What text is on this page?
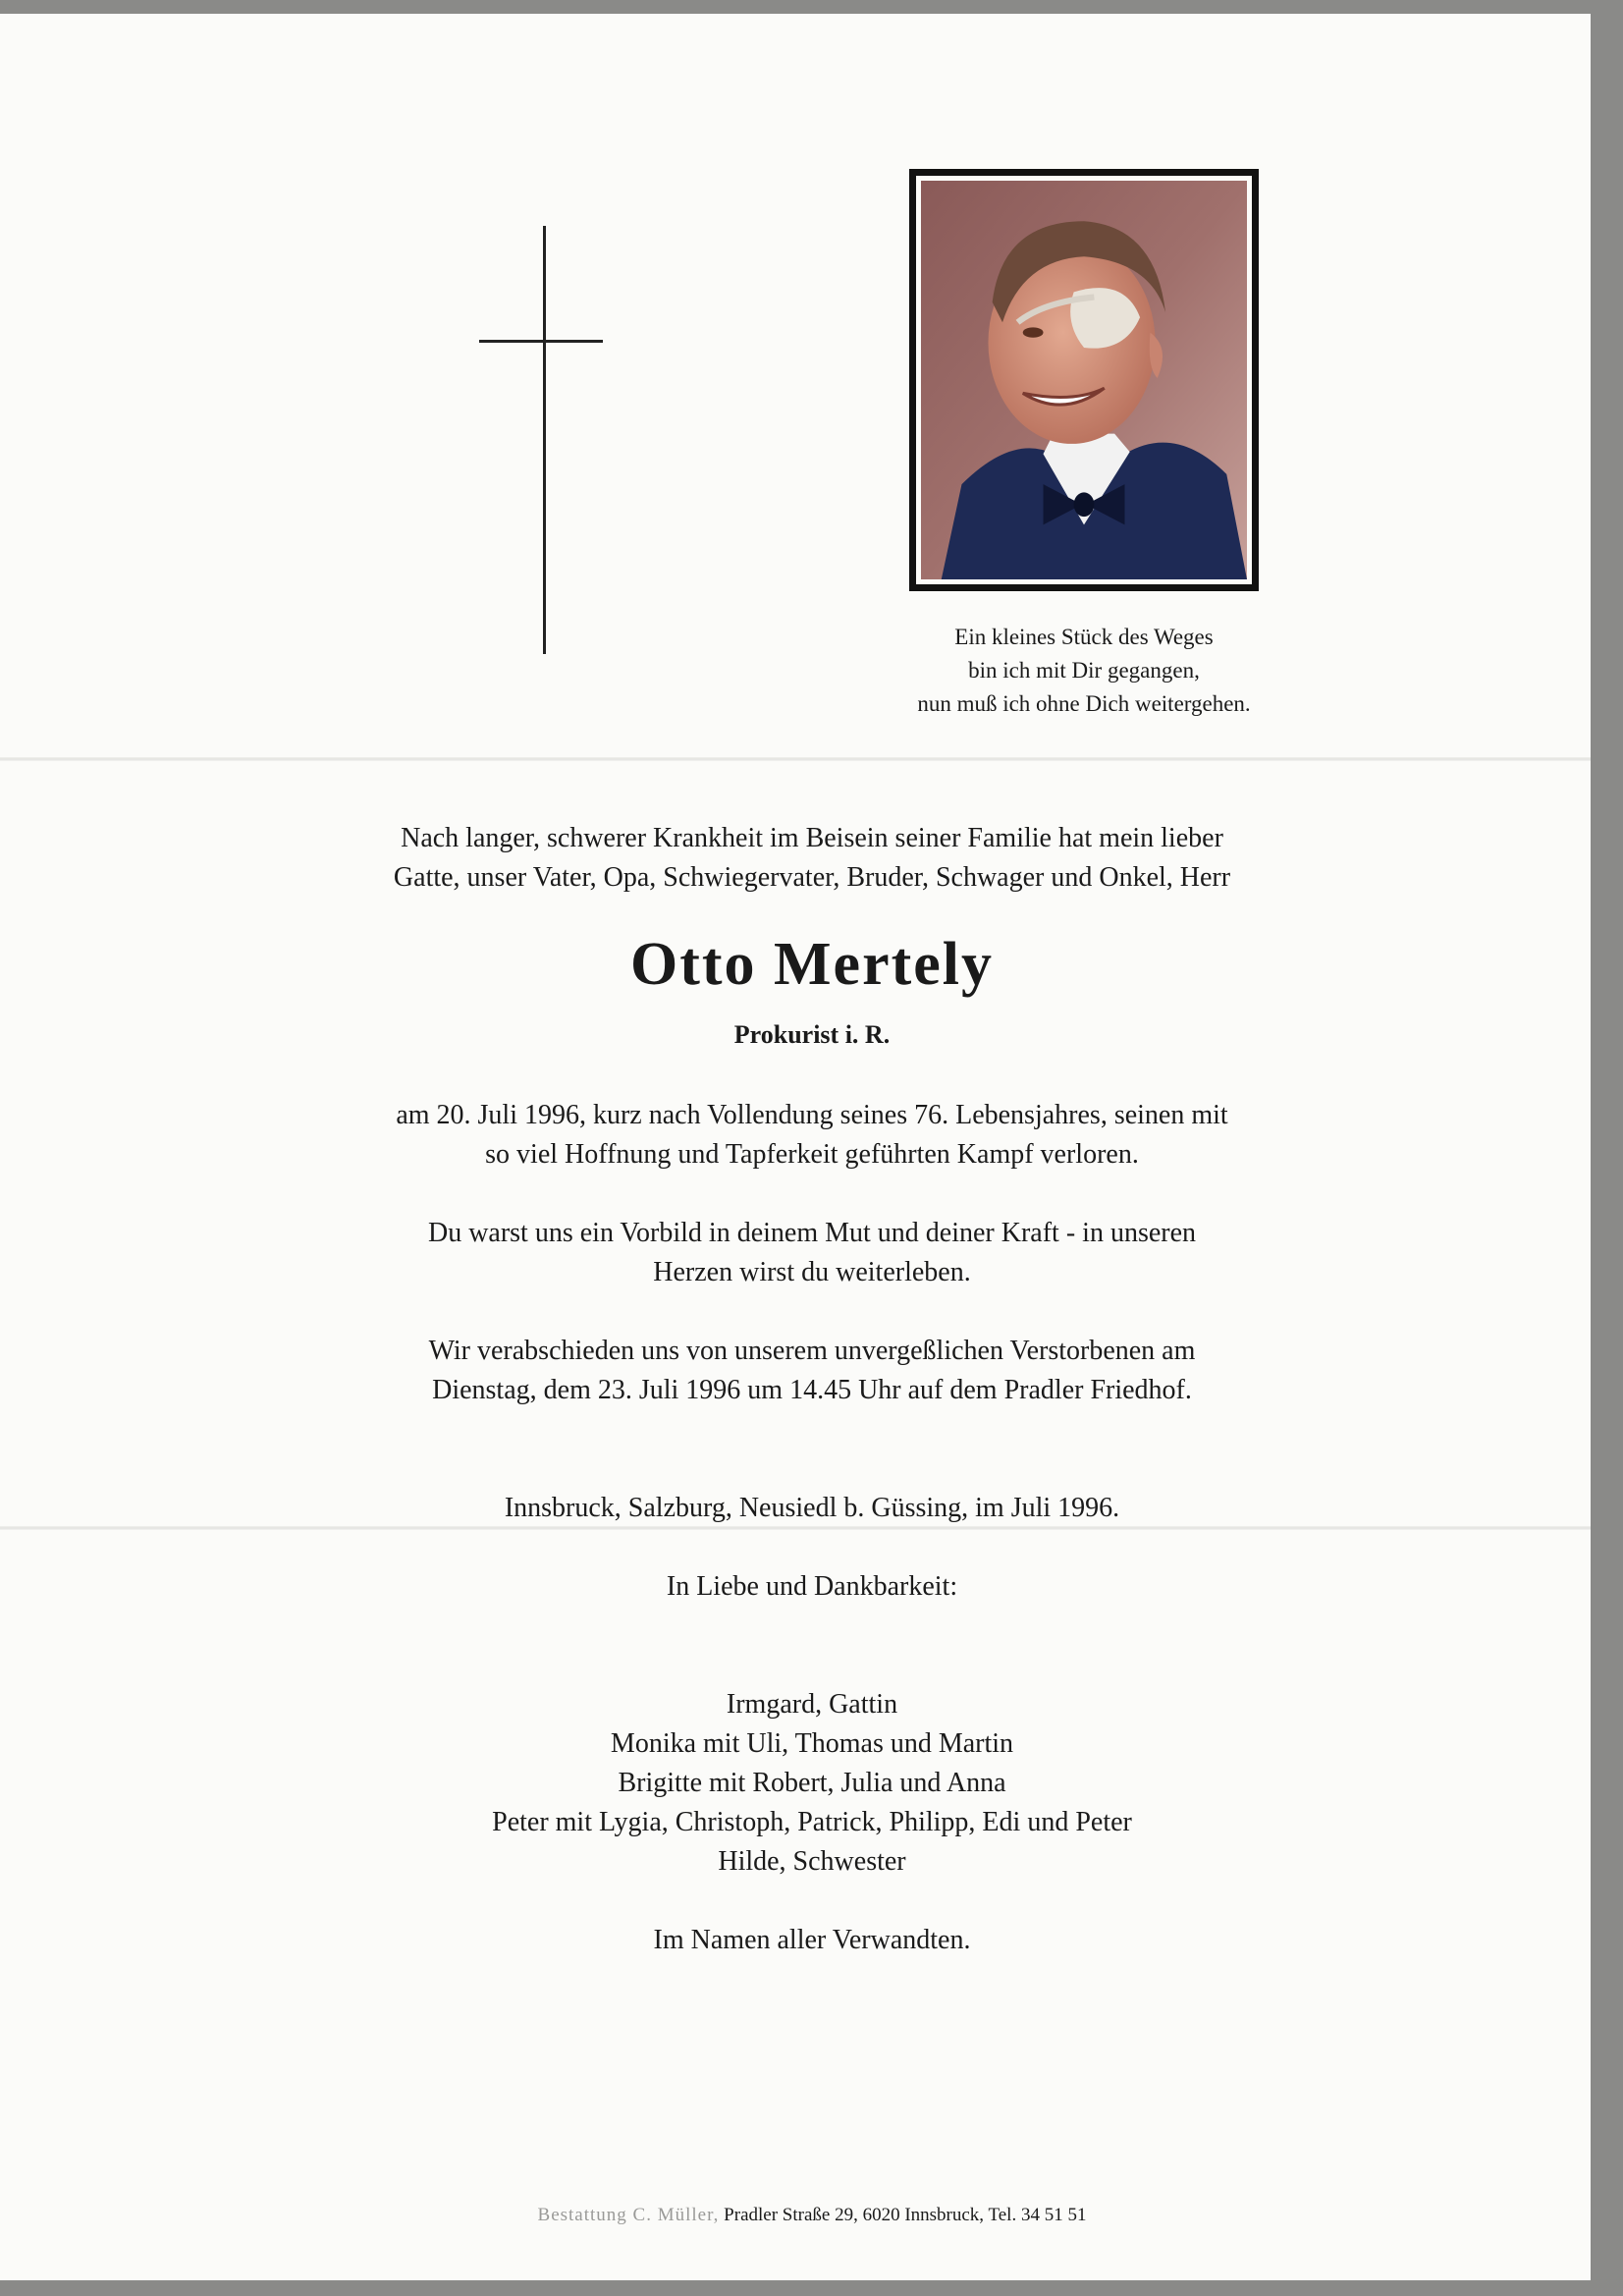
Ein kleines Stück des Weges
bin ich mit Dir gegangen,
nun muß ich ohne Dich weitergehen.
Nach langer, schwerer Krankheit im Beisein seiner Familie hat mein lieber
Gatte, unser Vater, Opa, Schwiegervater, Bruder, Schwager und Onkel, Herr
Otto Mertely
Prokurist i. R.
am 20. Juli 1996, kurz nach Vollendung seines 76. Lebensjahres, seinen mit
so viel Hoffnung und Tapferkeit geführten Kampf verloren.
Du warst uns ein Vorbild in deinem Mut und deiner Kraft - in unseren
Herzen wirst du weiterleben.
Wir verabschieden uns von unserem unvergeßlichen Verstorbenen am
Dienstag, dem 23. Juli 1996 um 14.45 Uhr auf dem Pradler Friedhof.
Innsbruck, Salzburg, Neusiedl b. Güssing, im Juli 1996.
In Liebe und Dankbarkeit:
Irmgard, Gattin
Monika mit Uli, Thomas und Martin
Brigitte mit Robert, Julia und Anna
Peter mit Lygia, Christoph, Patrick, Philipp, Edi und Peter
Hilde, Schwester
Im Namen aller Verwandten.
Bestattung C. Müller, Pradler Straße 29, 6020 Innsbruck, Tel. 34 51 51
